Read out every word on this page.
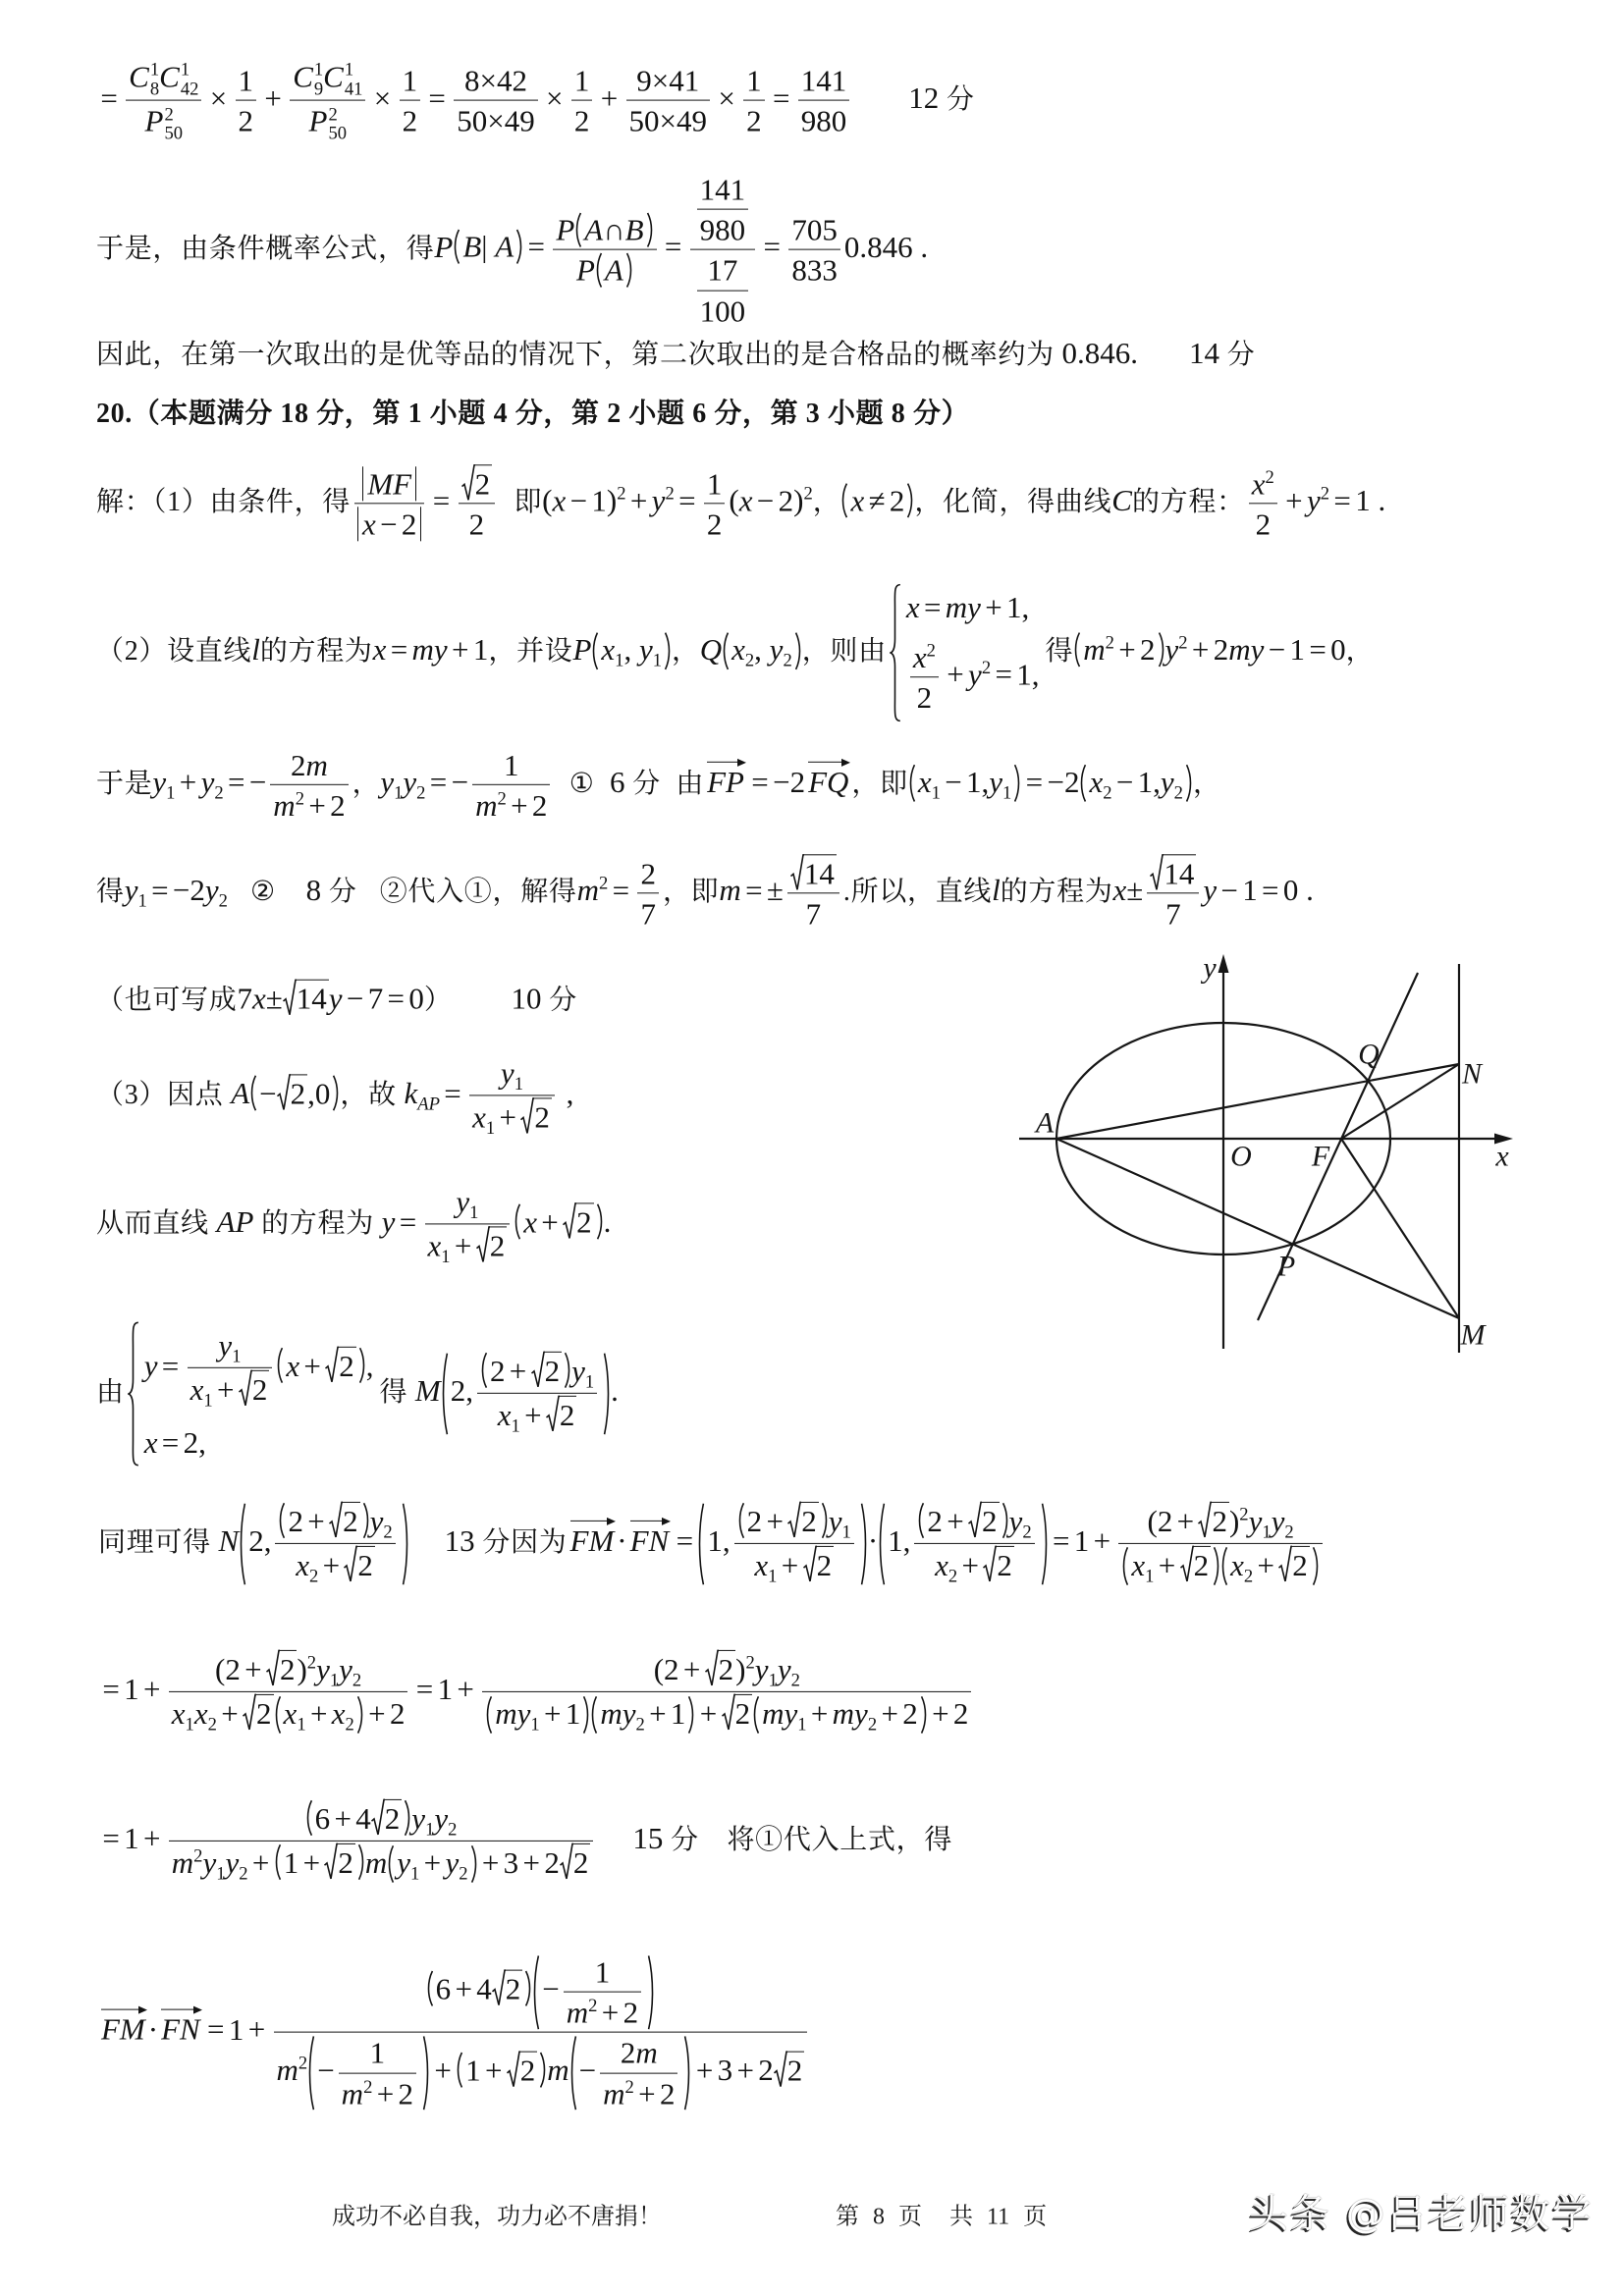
= C 1
8 C 1
42
P 2
$50 \times \frac{1}{2} + C$ 1
9 C 1
41
P 2
$50 \times \frac{1}{2} = \frac{8\times 42}{50\times 49} \times \frac{1}{2} + \frac{9\times 41}{50\times 49} \times \frac{1}{2} = \frac{141}{980} 12$ 分
于是，由条件概率公式，得P B| $A = \frac{\text{P A∩B}}{\text{P A}} = \frac{\frac{141}{980}}{\frac{17}{100}} = \frac{705}{833} 0.846$ .
因此，在第一次取出的是优等品的情况下，第二次取出的是合格品的概率约为 0.846. 14 分
20.（本题满分 18 分，第 1 小题 4 分，第 2 小题 6 分，第 3 小题 8 分）
解：（1）由条件，得 $\frac{MF}{x - 2} = \frac{2}{2}$ 即$(x - 1)^2 + y^2 = \frac{1}{2} (x - 2)^2$， x ≠ 2 ，化简，得曲线C的方程： $\frac{x^2}{2} + y^2 = 1$ .
（2）设直线l的方程为x = my + 1，并设P $x_1$, $y_1$ ，Q $x_2$, $y_2$ ，则由
x = my + 1,
$\frac{x^2}{2} + y^2 = 1$,
得 $m^2 + 2$ $y^2 + 2my - 1 = 0$，
于是$y_1 + y_2$ = − $\frac{2m}{m^2 + 2}$ ，$y_1y_2$ = − $\frac{1}{m^2 + 2}$ ①  6 分  由FP = −2FQ ，即 $x_1 - 1,y_1 = -2$ $x_2 - 1,y_2$ ，
得$y_1 = -2y_2$   ②    8 分   ②代入①，解得$m^2 = \frac{2}{7}$ ，即m = ± $\frac{14}{7}$ .所以，直线l的方程为$x\pm \frac{14}{7}$ y − 1 = 0 .
（也可写成7x± 14y − 7 = 0） 10 分
（3）因点 A − 2,0 ，故 $k_{AP} = \frac{y_1}{x_1 + 2}$ ,
从而直线 AP 的方程为 $y = \frac{y_1}{x_1 + 2}$ x + 2 .
由
$y = \frac{y_1}{x_1 + 2}$ x + 2 ,
x = 2,
得 M 2, $\frac{2 + 2 y_1}{x_1 + 2}$ .
同理可得 N 2, $\frac{2 + 2 y_2}{x_2 + 2} 13$ 分因为FM·FN = 1, $\frac{2 + 2 y_1}{x_1 + 2} \cdot 1$, $\frac{2 + 2 y_2}{x_2 + 2} = 1 + \frac{(2 + 2)^2y_1y_2}{x_1 + 2 x_2 + 2}$
= $1 + \frac{(2 + 2)^2y_1y_2}{x_1x_2 + 2 x_1 + x_2 + 2} = 1 + \frac{(2 + 2)^2y_1y_2}{my_1 + 1 my_2 + 1 + 2 my_1 + my_2 + 2 + 2}$
= $1 + \frac{6 + 4 2 y_1y_2}{m^2y_1y_2 + 1 + 2 m y_1 + y_2 + 3 + 2 2} 15$ 分　将①代入上式，得
$FM\cdot FN = 1 + \frac{6 + 4 2 - \frac{1}{m^2 + 2}}{m^2 - \frac{1}{m^2 + 2} + 1 + 2 m - \frac{2m}{m^2 + 2} + 3 + 2 2}$
y
x
A
O F
Q
N
P
M
成功不必自我，功力必不唐捐！	第 8 页  共 11 页	头条 @吕老师数学
